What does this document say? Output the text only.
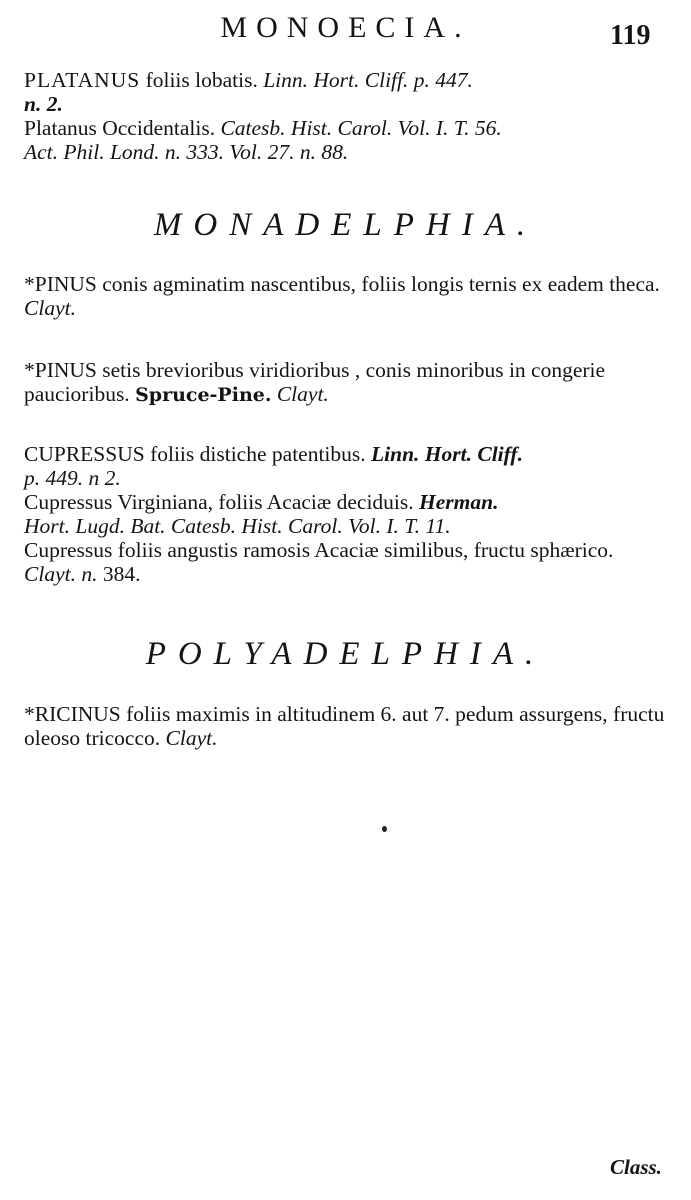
MONOECIA.	119

PLATANUS foliis lobatis. Linn. Hort. Cliff. p. 447.
n. 2.

Platanus Occidentalis. Catesb. Hist. Carol. Vol. I. T. 56.
Act. Phil. Lond. n. 333. Vol. 27. n. 88.

MONADELPHIA.

*PINUS conis agminatim nascentibus, foliis longis ternis ex eadem theca. Clayt.

*PINUS setis brevioribus viridioribus , conis minoribus in congerie paucioribus. Spruce-Pine. Clayt.

CUPRESSUS foliis distiche patentibus. Linn. Hort. Cliff.
p. 449. n 2.

Cupressus Virginiana, foliis Acaciæ deciduis. Herman.
Hort. Lugd. Bat. Catesb. Hist. Carol. Vol. I. T. 11.

Cupressus foliis angustis ramosis Acaciæ similibus, fructu sphærico. Clayt. n. 384.

POLYADELPHIA.

*RICINUS foliis maximis in altitudinem 6. aut 7. pedum assurgens, fructu oleoso tricocco. Clayt.

Class.
